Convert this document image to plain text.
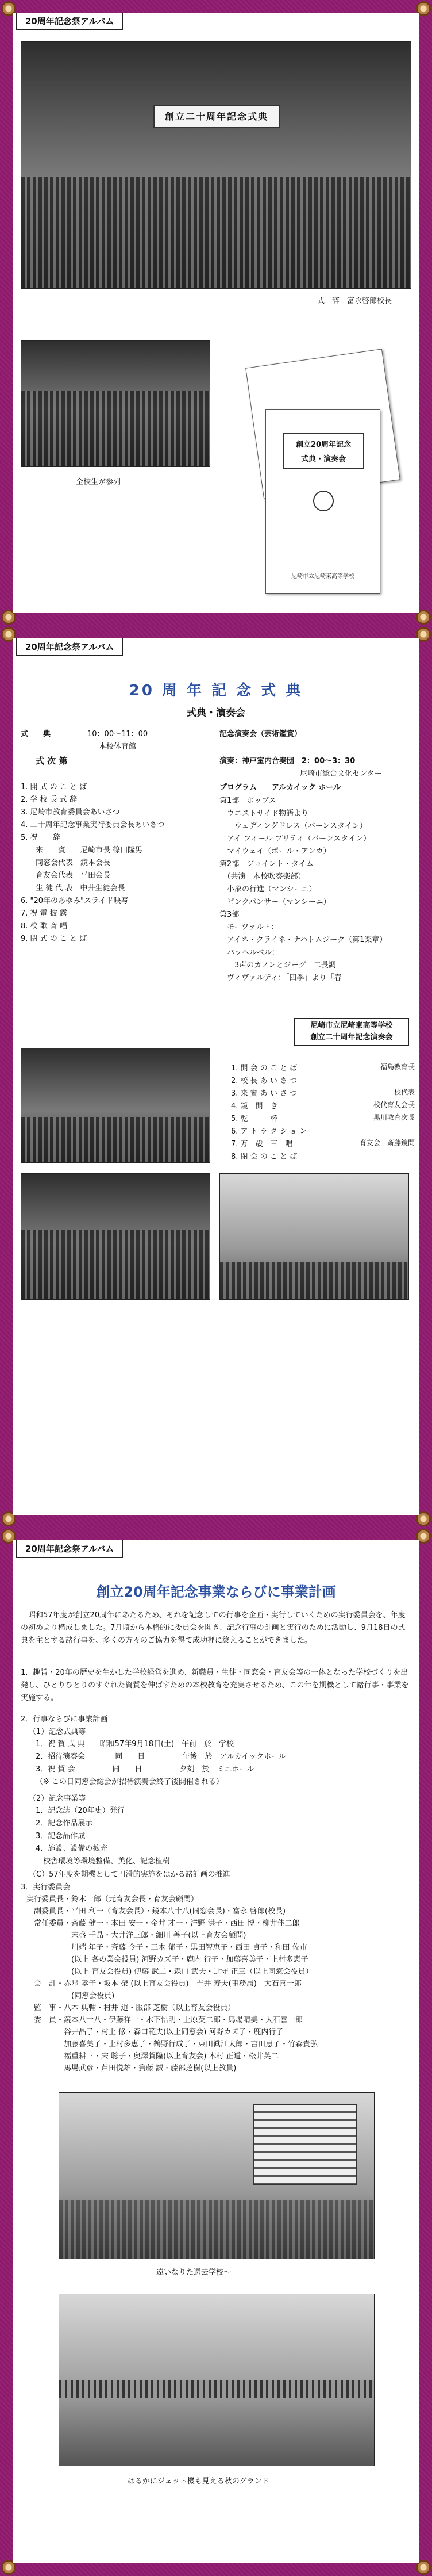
20周年記念祭アルバム
創立二十周年記念式典
式　辞　富永啓郎校長
全校生が参列
創立20周年記念
式典・演奏会
尼崎市立尼崎東高等学校
20周年記念祭アルバム
20 周 年 記 念 式 典
式典・演奏会
式　　典	10：00～11：00
本校体育館
式 次 第
記念演奏会（芸術鑑賞）
演奏：神戸室内合奏団　2：00～3：30
尼崎市総合文化センター
プログラム　　アルカイック ホール
1. 開 式 の こ と ば
2. 学 校 長 式 辞
3. 尼崎市教育委員会あいさつ
4. 二十周年記念事業実行委員会長あいさつ
5. 祝　　辞
　　来　　賓　　尼崎市長 篠田隆男
　　同窓会代表　鏡本会長
　　育友会代表　平田会長
　　生 徒 代 表　中井生徒会長
6. "20年のあゆみ"スライド映写
7. 祝 電 披 露
8. 校 歌 斉 唱
9. 閉 式 の こ と ば
第1部　ポップス
　ウエストサイド物語より
　　ウェディングドレス（バーンスタイン）
　アイ フィール プリティ（バーンスタイン）
　マイウェイ（ポール・アンカ）
第2部　ジョイント・タイム
　（共演　本校吹奏楽部）
　小象の行進（マンシーニ）
　ピンクパンサー（マンシーニ）
第3部
　モーツァルト：
　アイネ・クライネ・ナハトムジーク（第1楽章）
　バッヘルベル：
　　3声のカノンとジーグ　二長調
　ヴィヴァルディ：「四季」より「春」
尼崎市立尼崎東高等学校
創立二十周年記念演奏会
1. 開 会 の こ と ば	福島教育長
2. 校 長 あ い さ つ
3. 来 賓 あ い さ つ	校代表
4. 鏡　開　き	校代育友会長
5. 乾　　　杯	黒川教育次長
6. ア ト ラ ク シ ョ ン
7. 万　歳　三　唱	育友会　斎藤鏡問
8. 閉 会 の こ と ば
20周年記念祭アルバム
創立20周年記念事業ならびに事業計画
昭和57年度が創立20周年にあたるため、それを記念しての行事を企画・実行していくための実行委員会を、年度の初めより構成しました。7月頃から本格的に委員会を開き、記念行事の計画と実行のために活動し、9月18日の式典を主とする諸行事を、多くの方々のご協力を得て成功裡に終えることができました。
1．趣旨・20年の歴史を生かした学校経営を進め、新職員・生徒・同窓会・育友会等の一体となった学校づくりを出発し、ひとりひとりのすぐれた資質を伸ばすための本校教育を充実させるため、この年を期機として諸行事・事業を実施する。
2．行事ならびに事業計画
（1）記念式典等
1．祝 賀 式 典　　昭和57年9月18日(土)　午前　於　学校
2．招待演奏会　　　　同　　日　　　　　午後　於　アルカイックホール
3．祝 賀 会　　　　　同　　日　　　　　夕刻　於　ミニホール
（※ この日同窓会総会が招待演奏会終了後開催される）
（2）記念事業等
1．記念誌（20年史）発行
2．記念作品展示
3．記念品作成
4．施設、設備の拡充
　校舎環境等環境整備、美化、記念植樹
（C）57年度を期機として円滑的実施をはかる諸計画の推進
3．実行委員会
実行委員長・鈴木一郎（元育友会長・育友会顧問）
　副委員長・平田 利一（育友会長）・鏡本八十八(同窓会長)・富永 啓郎(校長)
　常任委員・斎藤 健一・本田 安一・金井 才一・洋野 洪子・西田 博・柳井佳二郎
　　　　　　末盛 千晶・大井洋三郎・細川 善子(以上育友会顧問)
　　　　　　川端 年子・斉藤 令子・三木 郁子・黒田智恵子・西田 貞子・和田 佐市
　　　　　　(以上 各の業会役員) 河野カズ子・鹿内 行子・加藤喜美子・上村多恵子
　　　　　　(以上 育友会役員) 伊藤 武二・森口 武夫・辻守 正三（以上同窓会役員）
　会　計・赤星 孝子・坂本 榮 (以上育友会役員)　吉井 寿夫(事務局)　大石喜一郎
　　　　　　(同窓会役員)
　監　事・八木 典輔・村井 道・服部 芝樹（以上育友会役員）
　委　員・鏡本八十八・伊藤祥一・木下悟明・上原英二郎・馬場晴美・大石喜一郎
　　　　　谷井晶子・村上 修・森口範夫(以上同窓会) 河野カズ子・鹿内行子
　　　　　加藤喜美子・上村多恵子・鶴野行成子・東田眞江太郎・吉田恵子・竹森貴弘
　　　　　福重耕三・宋 聡子・奥澤賀隆(以上育友会) 木村 正道・松井英二
　　　　　馬場武彦・芦田悦雄・簀藤 誠・藤部芝樹(以上教員)
遠いなりた過去学校～
はるかにジェット機も見える秋のグランド
